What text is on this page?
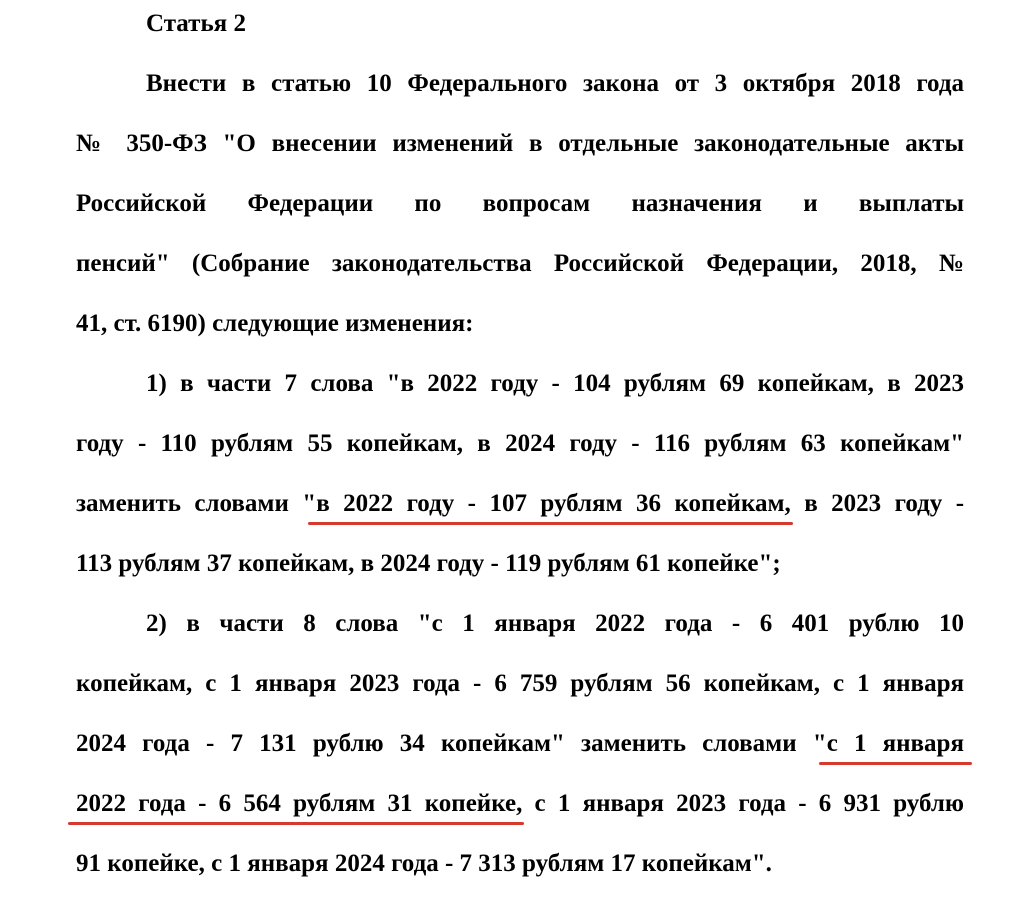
Статья 2
Внести в статью 10 Федерального закона от 3 октября 2018 года
№ 350-ФЗ "О внесении изменений в отдельные законодательные акты
Российской Федерации по вопросам назначения и выплаты
пенсий" (Собрание законодательства Российской Федерации, 2018, №
41, ст. 6190) следующие изменения:
1) в части 7 слова "в 2022 году - 104 рублям 69 копейкам, в 2023
году - 110 рублям 55 копейкам, в 2024 году - 116 рублям 63 копейкам"
заменить словами "в 2022 году - 107 рублям 36 копейкам, в 2023 году -
113 рублям 37 копейкам, в 2024 году - 119 рублям 61 копейке";
2) в части 8 слова "с 1 января 2022 года - 6 401 рублю 10
копейкам, с 1 января 2023 года - 6 759 рублям 56 копейкам, с 1 января
2024 года - 7 131 рублю 34 копейкам" заменить словами "с 1 января
2022 года - 6 564 рублям 31 копейке, с 1 января 2023 года - 6 931 рублю
91 копейке, с 1 января 2024 года - 7 313 рублям 17 копейкам".
